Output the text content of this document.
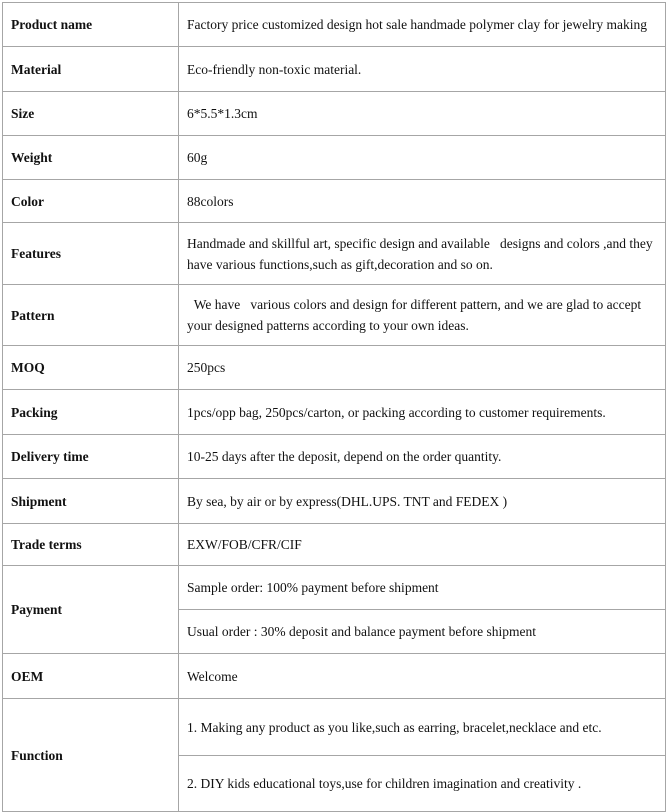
Product name	Factory price customized design hot sale handmade polymer clay for jewelry making
Material	Eco-friendly non-toxic material.
Size	6*5.5*1.3cm
Weight	60g
Color	88colors
Features	Handmade and skillful art, specific design and available   designs and colors ,and they have various functions,such as gift,decoration and so on.
Pattern	We have   various colors and design for different pattern, and we are glad to accept your designed patterns according to your own ideas.
MOQ	250pcs
Packing	1pcs/opp bag, 250pcs/carton, or packing according to customer requirements.
Delivery time	10-25 days after the deposit, depend on the order quantity.
Shipment	By sea, by air or by express(DHL.UPS. TNT and FEDEX )
Trade terms	EXW/FOB/CFR/CIF
Payment	Sample order: 100% payment before shipment
	Usual order : 30% deposit and balance payment before shipment
OEM	Welcome
Function	1. Making any product as you like,such as earring, bracelet,necklace and etc.
	2. DIY kids educational toys,use for children imagination and creativity .
